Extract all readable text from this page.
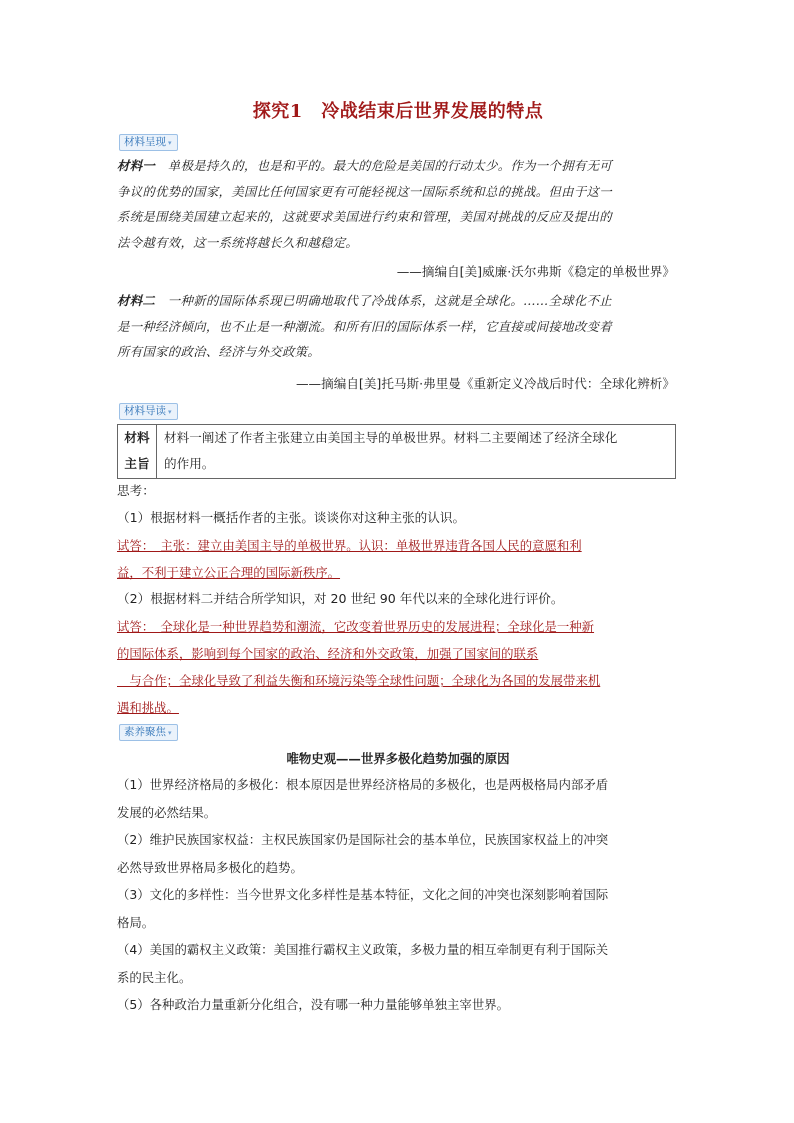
探究1　冷战结束后世界发展的特点
材料呈现 ▾
材料一　 单极是持久的，也是和平的。最大的危险是美国的行动太少。作为一个拥有无可
争议的优势的国家，美国比任何国家更有可能轻视这一国际系统和总的挑战。但由于这一
系统是围绕美国建立起来的，这就要求美国进行约束和管理，美国对挑战的反应及提出的
法令越有效，这一系统将越长久和越稳定。
——摘编自[美]威廉·沃尔弗斯《稳定的单极世界》
材料二　 一种新的国际体系现已明确地取代了冷战体系，这就是全球化。……全球化不止
是一种经济倾向，也不止是一种潮流。和所有旧的国际体系一样，它直接或间接地改变着
所有国家的政治、经济与外交政策。
——摘编自[美]托马斯·弗里曼《重新定义冷战后时代：全球化辨析》
材料导读 ▾
材料
主旨
材料一阐述了作者主张建立由美国主导的单极世界。材料二主要阐述了经济全球化
的作用。
思考：
（1）根据材料一概括作者的主张。谈谈你对这种主张的认识。
试答：　主张：建立由美国主导的单极世界。认识：单极世界违背各国人民的意愿和利
益，不利于建立公正合理的国际新秩序。
（2）根据材料二并结合所学知识，对 20 世纪 90 年代以来的全球化进行评价。
试答：　全球化是一种世界趋势和潮流，它改变着世界历史的发展进程；全球化是一种新
的国际体系，影响到每个国家的政治、经济和外交政策，加强了国家间的联系
　与合作；全球化导致了利益失衡和环境污染等全球性问题；全球化为各国的发展带来机
遇和挑战。
素养聚焦 ▾
唯物史观——世界多极化趋势加强的原因
（1）世界经济格局的多极化：根本原因是世界经济格局的多极化，也是两极格局内部矛盾
发展的必然结果。
（2）维护民族国家权益：主权民族国家仍是国际社会的基本单位，民族国家权益上的冲突
必然导致世界格局多极化的趋势。
（3）文化的多样性：当今世界文化多样性是基本特征，文化之间的冲突也深刻影响着国际
格局。
（4）美国的霸权主义政策：美国推行霸权主义政策，多极力量的相互牵制更有利于国际关
系的民主化。
（5）各种政治力量重新分化组合，没有哪一种力量能够单独主宰世界。
